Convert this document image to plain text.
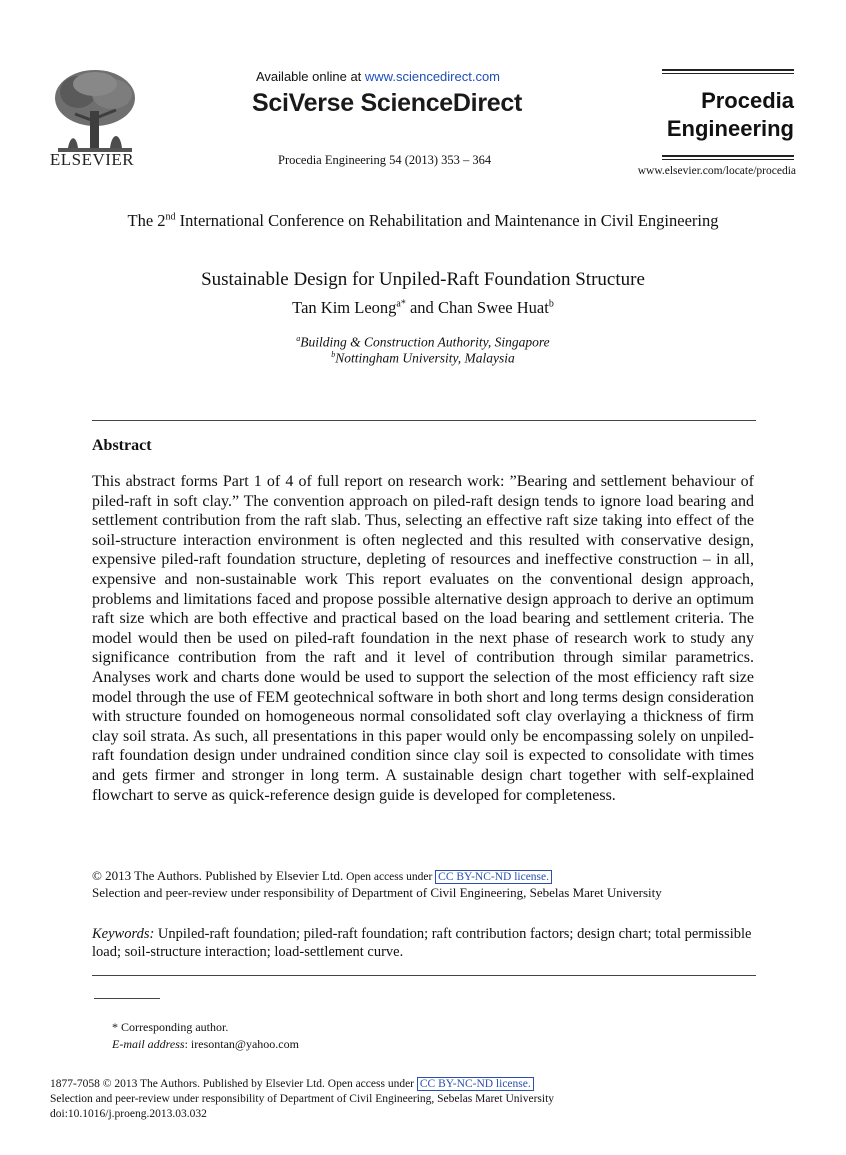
ELSEVIER
Available online at www.sciencedirect.com
SciVerse ScienceDirect
Procedia Engineering 54 (2013) 353 – 364
Procedia
Engineering
www.elsevier.com/locate/procedia
The 2nd International Conference on Rehabilitation and Maintenance in Civil Engineering
Sustainable Design for Unpiled-Raft Foundation Structure
Tan Kim Leong$^{a*}$ and Chan Swee Huat$^b$
$^a$Building & Construction Authority, Singapore
$^b$Nottingham University, Malaysia
Abstract

This abstract forms Part 1 of 4 of full report on research work: ”Bearing and settlement behaviour of piled-raft in soft clay.” The convention approach on piled-raft design tends to ignore load bearing and settlement contribution from the raft slab. Thus, selecting an effective raft size taking into effect of the soil-structure interaction environment is often neglected and this resulted with conservative design, expensive piled-raft foundation structure, depleting of resources and ineffective construction – in all, expensive and non-sustainable work This report evaluates on the conventional design approach, problems and limitations faced and propose possible alternative design approach to derive an optimum raft size which are both effective and practical based on the load bearing and settlement criteria. The model would then be used on piled-raft foundation in the next phase of research work to study any significance contribution from the raft and it level of contribution through similar parametrics. Analyses work and charts done would be used to support the selection of the most efficiency raft size model through the use of FEM geotechnical software in both short and long terms design consideration with structure founded on homogeneous normal consolidated soft clay overlaying a thickness of firm clay soil strata. As such, all presentations in this paper would only be encompassing solely on unpiled-raft foundation design under undrained condition since clay soil is expected to consolidate with times and gets firmer and stronger in long term. A sustainable design chart together with self-explained flowchart to serve as quick-reference design guide is developed for completeness.

© 2013 The Authors. Published by Elsevier Ltd. Open access under CC BY-NC-ND license.
Selection and peer-review under responsibility of Department of Civil Engineering, Sebelas Maret University
Keywords: Unpiled-raft foundation; piled-raft foundation; raft contribution factors; design chart; total permissible load; soil-structure interaction; load-settlement curve.
* Corresponding author.
E-mail address: iresontan@yahoo.com
1877-7058 © 2013 The Authors. Published by Elsevier Ltd. Open access under CC BY-NC-ND license.
Selection and peer-review under responsibility of Department of Civil Engineering, Sebelas Maret University
doi:10.1016/j.proeng.2013.03.032
